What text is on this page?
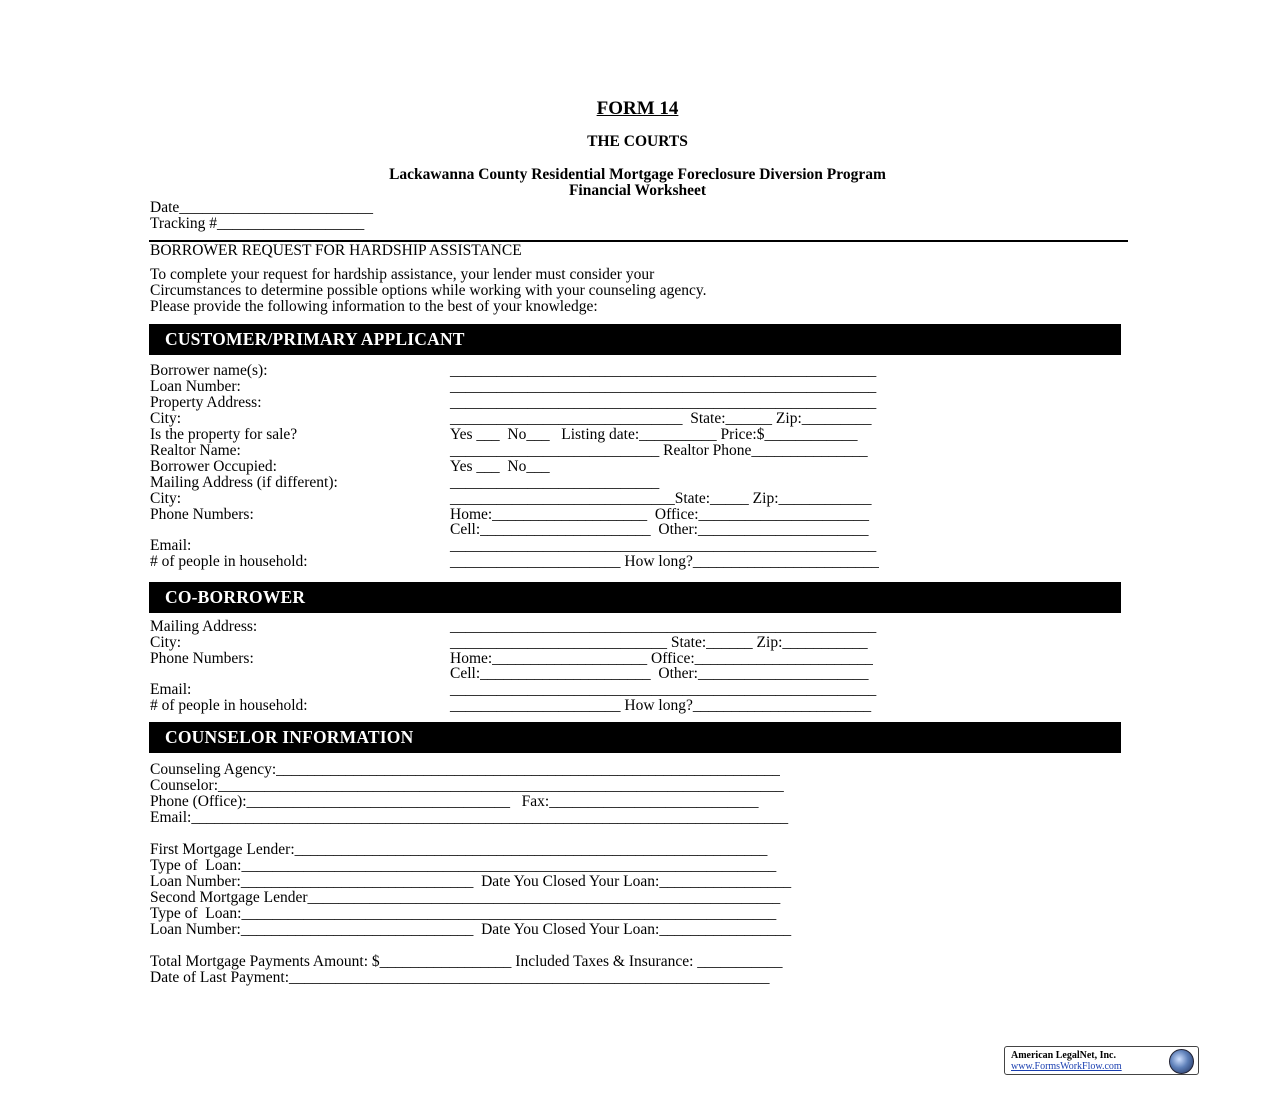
FORM 14
THE COURTS
Lackawanna County Residential Mortgage Foreclosure Diversion Program
Financial Worksheet
Date_________________________
Tracking #___________________
BORROWER REQUEST FOR HARDSHIP ASSISTANCE
To complete your request for hardship assistance, your lender must consider your
Circumstances to determine possible options while working with your counseling agency.
Please provide the following information to the best of your knowledge:
CUSTOMER/PRIMARY APPLICANT
Borrower name(s):	_______________________________________________________
Loan Number:	_______________________________________________________
Property Address:	_______________________________________________________
City:	______________________________  State:______ Zip:_________
Is the property for sale?	Yes ___  No___   Listing date:__________ Price:$____________
Realtor Name:	___________________________ Realtor Phone_______________
Borrower Occupied:	Yes ___  No___
Mailing Address (if different):	___________________________
City:	_____________________________State:_____ Zip:____________
Phone Numbers:	Home:____________________  Office:______________________
Cell:______________________  Other:______________________
Email:	_______________________________________________________
# of people in household:	______________________ How long?________________________
CO-BORROWER
Mailing Address:	_______________________________________________________
City:	____________________________ State:______ Zip:___________
Phone Numbers:	Home:____________________ Office:_______________________
Cell:______________________  Other:______________________
Email:	_______________________________________________________
# of people in household:	______________________ How long?_______________________
COUNSELOR INFORMATION
Counseling Agency:_________________________________________________________________
Counselor:_________________________________________________________________________
Phone (Office):__________________________________   Fax:___________________________
Email:_____________________________________________________________________________
First Mortgage Lender:_____________________________________________________________
Type of  Loan:_____________________________________________________________________
Loan Number:______________________________  Date You Closed Your Loan:_________________
Second Mortgage Lender_____________________________________________________________
Type of  Loan:_____________________________________________________________________
Loan Number:______________________________  Date You Closed Your Loan:_________________
Total Mortgage Payments Amount: $_________________ Included Taxes & Insurance: ___________
Date of Last Payment:______________________________________________________________
American LegalNet, Inc.
www.FormsWorkFlow.com
